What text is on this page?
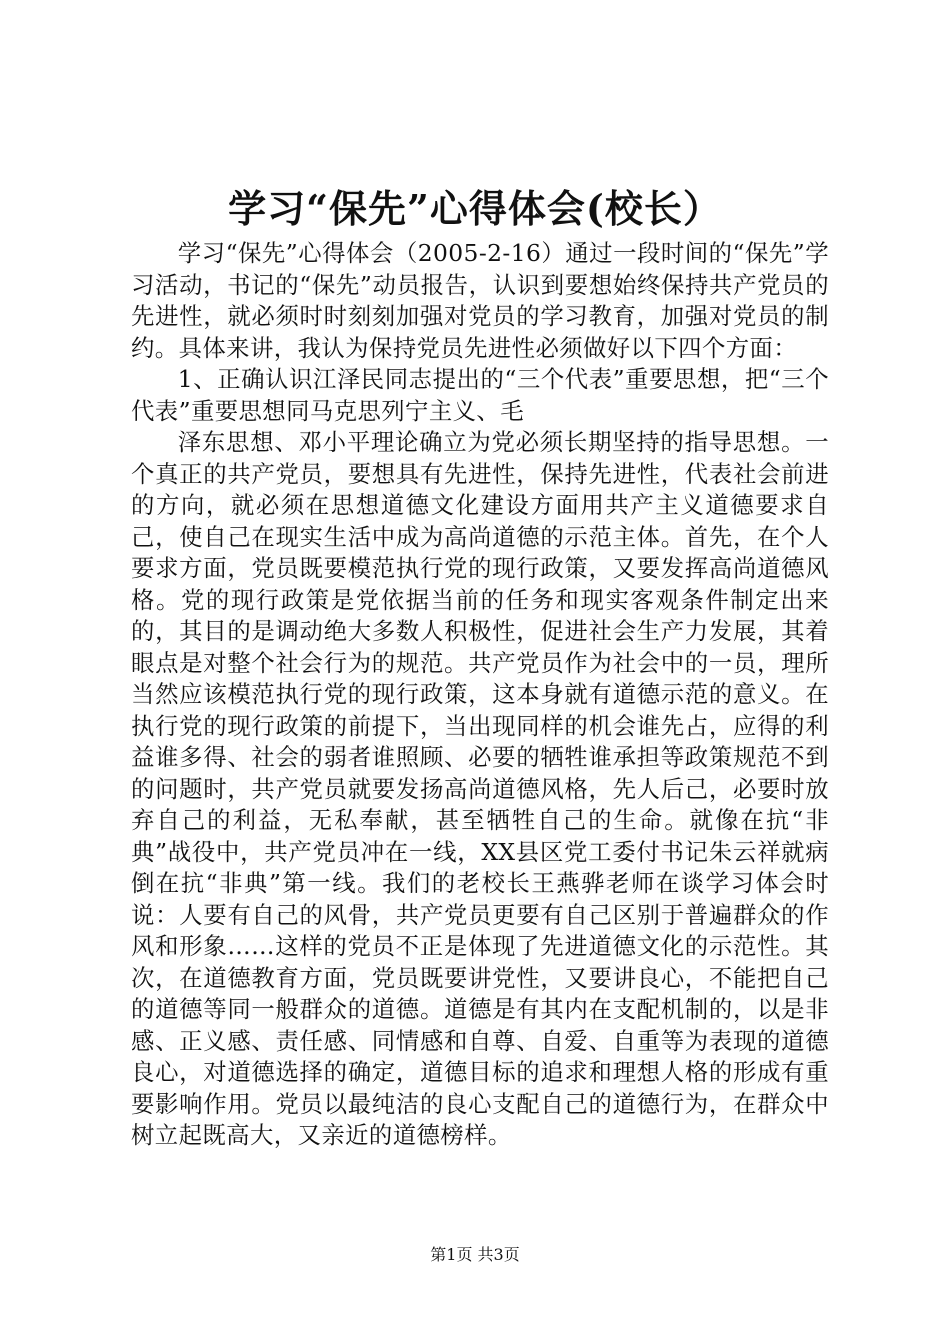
学习“保先”心得体会(校长）

学习“保先”心得体会（2005-2-16）通过一段时间的“保先”学习活动，书记的“保先”动员报告，认识到要想始终保持共产党员的先进性，就必须时时刻刻加强对党员的学习教育，加强对党员的制约。具体来讲，我认为保持党员先进性必须做好以下四个方面：

1、正确认识江泽民同志提出的“三个代表”重要思想，把“三个代表”重要思想同马克思列宁主义、毛

泽东思想、邓小平理论确立为党必须长期坚持的指导思想。一个真正的共产党员，要想具有先进性，保持先进性，代表社会前进的方向，就必须在思想道德文化建设方面用共产主义道德要求自己，使自己在现实生活中成为高尚道德的示范主体。首先，在个人要求方面，党员既要模范执行党的现行政策，又要发挥高尚道德风格。党的现行政策是党依据当前的任务和现实客观条件制定出来的，其目的是调动绝大多数人积极性，促进社会生产力发展，其着眼点是对整个社会行为的规范。共产党员作为社会中的一员，理所当然应该模范执行党的现行政策，这本身就有道德示范的意义。在执行党的现行政策的前提下，当出现同样的机会谁先占，应得的利益谁多得、社会的弱者谁照顾、必要的牺牲谁承担等政策规范不到的问题时，共产党员就要发扬高尚道德风格，先人后己，必要时放弃自己的利益，无私奉献，甚至牺牲自己的生命。就像在抗“非典”战役中，共产党员冲在一线，XX县区党工委付书记朱云祥就病倒在抗“非典”第一线。我们的老校长王燕骅老师在谈学习体会时说：人要有自己的风骨，共产党员更要有自己区别于普遍群众的作风和形象……这样的党员不正是体现了先进道德文化的示范性。其次，在道德教育方面，党员既要讲党性，又要讲良心，不能把自己的道德等同一般群众的道德。道德是有其内在支配机制的，以是非感、正义感、责任感、同情感和自尊、自爱、自重等为表现的道德良心，对道德选择的确定，道德目标的追求和理想人格的形成有重要影响作用。党员以最纯洁的良心支配自己的道德行为，在群众中树立起既高大，又亲近的道德榜样。

第1页 共3页
